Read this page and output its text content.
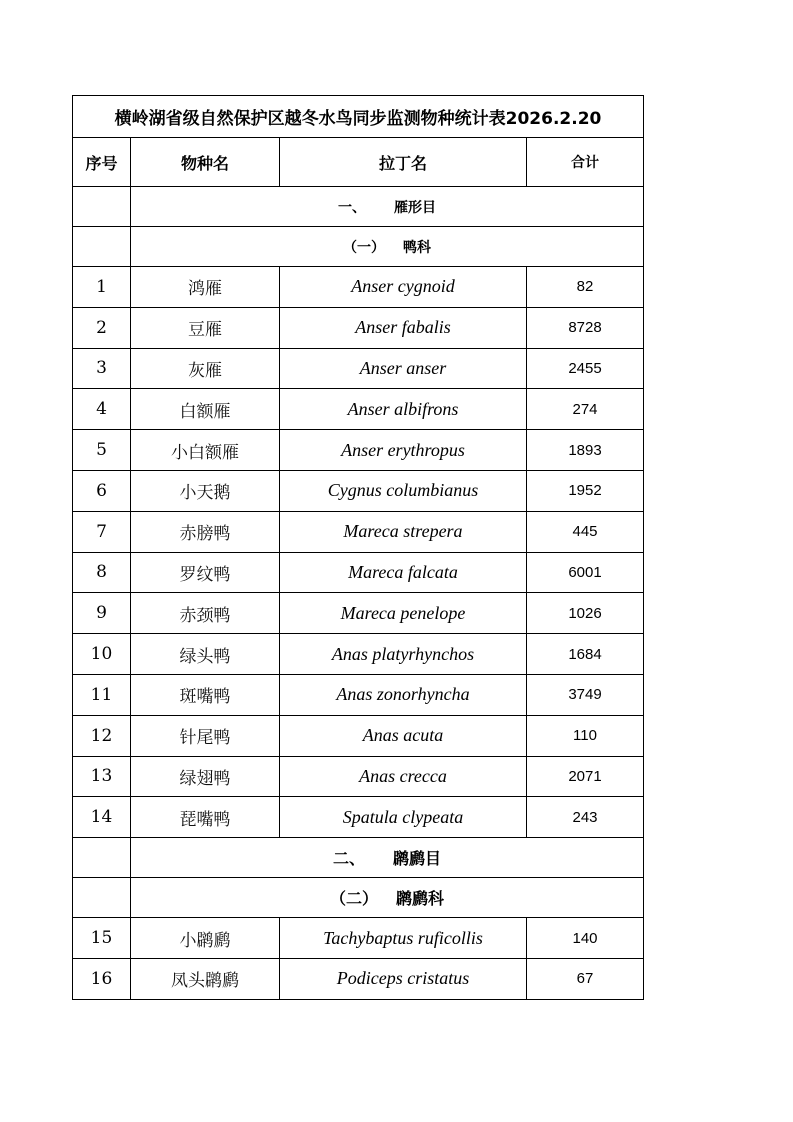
横岭湖省级自然保护区越冬水鸟同步监测物种统计表2026.2.20			
序号	物种名	拉丁名	合计
	一、 雁形目		
	（一） 鸭科		
1	鸿雁	Anser cygnoid	82
2	豆雁	Anser fabalis	8728
3	灰雁	Anser anser	2455
4	白额雁	Anser albifrons	274
5	小白额雁	Anser erythropus	1893
6	小天鹅	Cygnus columbianus	1952
7	赤膀鸭	Mareca strepera	445
8	罗纹鸭	Mareca falcata	6001
9	赤颈鸭	Mareca penelope	1026
10	绿头鸭	Anas platyrhynchos	1684
11	斑嘴鸭	Anas zonorhyncha	3749
12	针尾鸭	Anas acuta	110
13	绿翅鸭	Anas crecca	2071
14	琵嘴鸭	Spatula clypeata	243
	二、 䴙䴘目		
	（二） 䴙䴘科		
15	小䴙䴘	Tachybaptus ruficollis	140
16	凤头䴙䴘	Podiceps cristatus	67
